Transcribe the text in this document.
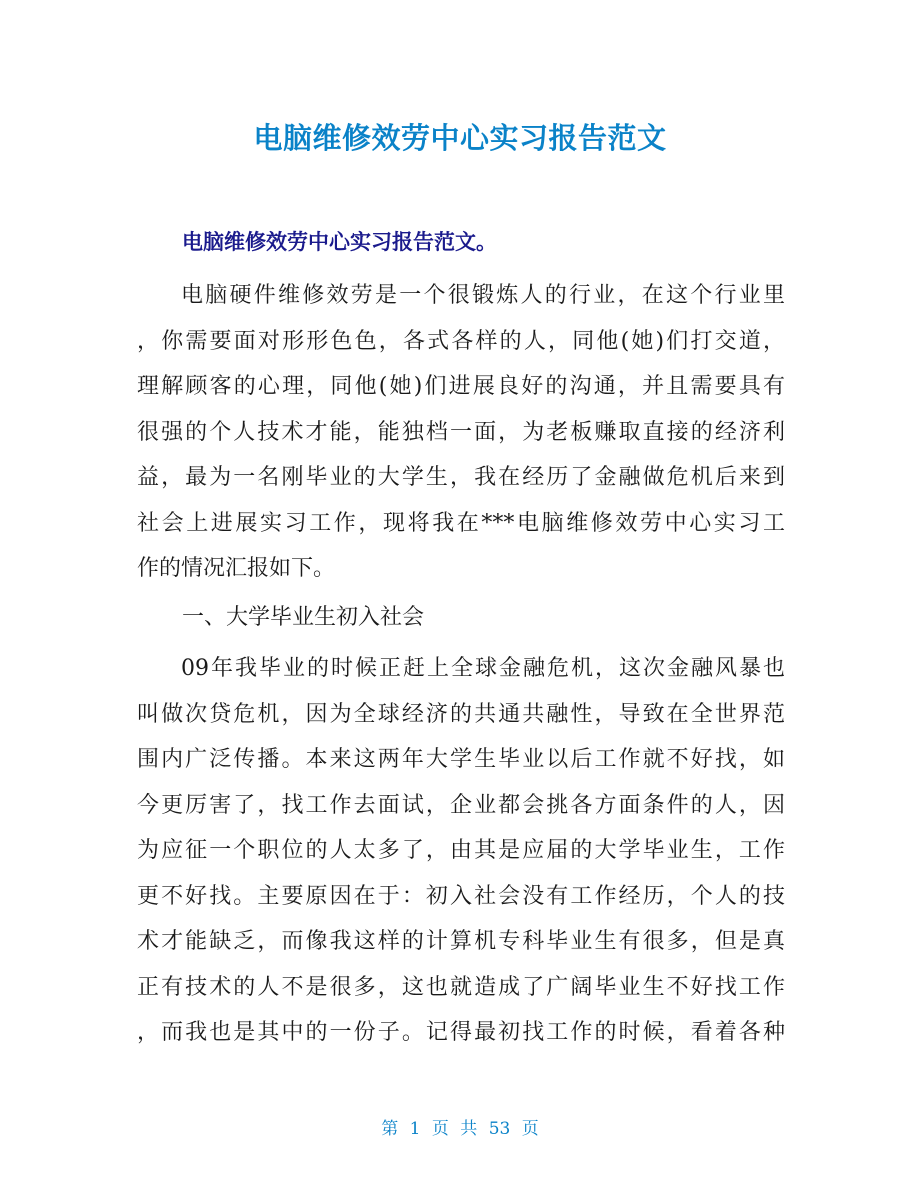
电脑维修效劳中心实习报告范文
电脑维修效劳中心实习报告范文。
电脑硬件维修效劳是一个很锻炼人的行业，在这个行业里
，你需要面对形形色色，各式各样的人，同他(她)们打交道，
理解顾客的心理，同他(她)们进展良好的沟通，并且需要具有
很强的个人技术才能，能独档一面，为老板赚取直接的经济利
益，最为一名刚毕业的大学生，我在经历了金融做危机后来到
社会上进展实习工作，现将我在***电脑维修效劳中心实习工
作的情况汇报如下。
一、大学毕业生初入社会
09年我毕业的时候正赶上全球金融危机，这次金融风暴也
叫做次贷危机，因为全球经济的共通共融性，导致在全世界范
围内广泛传播。本来这两年大学生毕业以后工作就不好找，如
今更厉害了，找工作去面试，企业都会挑各方面条件的人，因
为应征一个职位的人太多了，由其是应届的大学毕业生，工作
更不好找。主要原因在于：初入社会没有工作经历，个人的技
术才能缺乏，而像我这样的计算机专科毕业生有很多，但是真
正有技术的人不是很多，这也就造成了广阔毕业生不好找工作
，而我也是其中的一份子。记得最初找工作的时候，看着各种
第 1 页 共 53 页
